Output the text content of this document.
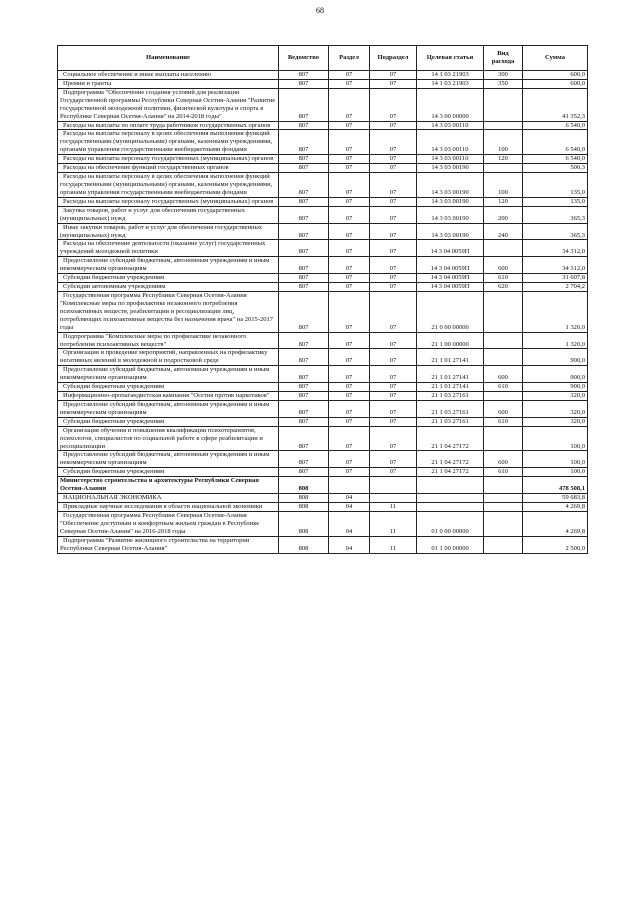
68
Наименование	Ведомство	Раздел	Подраздел	Целевая статья	Вид расхода	Сумма
Социальное обеспечение и иные выплаты населению	807	07	07	14 1 03 21903	300	600,0
Премии и гранты	807	07	07	14 1 03 21903	350	600,0
Подпрограмма "Обеспечение создания условий для реализации Государственной программы Республики Северная Осетия-Алания "Развитие государственной молодежной политики, физической культуры и спорта в Республике Северная Осетия-Алания" на 2014-2018 годы"	807	07	07	14 3 00 00000		41 352,3
Расходы на выплаты по оплате труда работников государственных органов	807	07	07	14 3 03 00110		6 540,0
Расходы на выплаты персоналу в целях обеспечения выполнения функций государственными (муниципальными) органами, казенными учреждениями, органами управления государственными внебюджетными фондами	807	07	07	14 3 03 00110	100	6 540,0
Расходы на выплаты персоналу государственных (муниципальных) органов	807	07	07	14 3 03 00110	120	6 540,0
Расходы на обеспечение функций государственных органов	807	07	07	14 3 03 00190		500,3
Расходы на выплаты персоналу в целях обеспечения выполнения функций государственными (муниципальными) органами, казенными учреждениями, органами управления государственными внебюджетными фондами	807	07	07	14 3 03 00190	100	135,0
Расходы на выплаты персоналу государственных (муниципальных) органов	807	07	07	14 3 03 00190	120	135,0
Закупка товаров, работ и услуг для обеспечения государственных (муниципальных) нужд	807	07	07	14 3 03 00190	200	365,3
Иные закупки товаров, работ и услуг для обеспечения государственных (муниципальных) нужд	807	07	07	14 3 03 00190	240	365,3
Расходы на обеспечение деятельности (оказание услуг) государственных учреждений молодежной политики	807	07	07	14 3 04 0059П		34 312,0
Предоставление субсидий бюджетным, автономным учреждениям и иным некоммерческим организациям	807	07	07	14 3 04 0059П	600	34 312,0
Субсидии бюджетным учреждениям	807	07	07	14 3 04 0059П	610	31 607,8
Субсидии автономным учреждениям	807	07	07	14 3 04 0059П	620	2 704,2
Государственная программа Республики Северная Осетия-Алания "Комплексные меры по профилактике незаконного потребления психоактивных веществ, реабилитации и ресоциализации лиц, потребляющих психоактивные вещества без назначения врача" на 2015-2017 годы	807	07	07	21 0 00 00000		1 320,0
Подпрограмма "Комплексные меры по профилактике незаконного потребления психоактивных веществ"	807	07	07	21 1 00 00000		1 320,0
Организация и проведение мероприятий, направленных на профилактику негативных явлений в молодежной и подростковой среде	807	07	07	21 1 01 27141		900,0
Предоставление субсидий бюджетным, автономным учреждениям и иным некоммерческим организациям	807	07	07	21 1 01 27141	600	900,0
Субсидии бюджетным учреждениям	807	07	07	21 1 01 27141	610	900,0
Информационно-пропагандистская кампания "Осетия против наркотиков"	807	07	07	21 1 03 27161		320,0
Предоставление субсидий бюджетным, автономным учреждениям и иным некоммерческим организациям	807	07	07	21 1 03 27161	600	320,0
Субсидии бюджетным учреждениям	807	07	07	21 1 03 27161	610	320,0
Организация обучения и повышения квалификации психотерапевтов, психологов, специалистов по социальной работе в сфере реабилитации и ресоциализации	807	07	07	21 1 04 27172		100,0
Предоставление субсидий бюджетным, автономным учреждениям и иным некоммерческим организациям	807	07	07	21 1 04 27172	600	100,0
Субсидии бюджетным учреждениям	807	07	07	21 1 04 27172	610	100,0
Министерство строительства и архитектуры Республики Северная Осетия-Алания	808					478 508,1
НАЦИОНАЛЬНАЯ ЭКОНОМИКА	808	04				59 683,8
Прикладные научные исследования в области национальной экономики	808	04	11			4 269,8
Государственная программа Республики Северная Осетия-Алания "Обеспечение доступным и комфортным жильем граждан в Республике Северная Осетия-Алания" на 2016-2018 годы	808	04	11	01 0 00 00000		4 269,8
Подпрограмма "Развитие жилищного строительства на территории Республики Северная Осетия-Алания"	808	04	11	01 1 00 00000		2 500,0
